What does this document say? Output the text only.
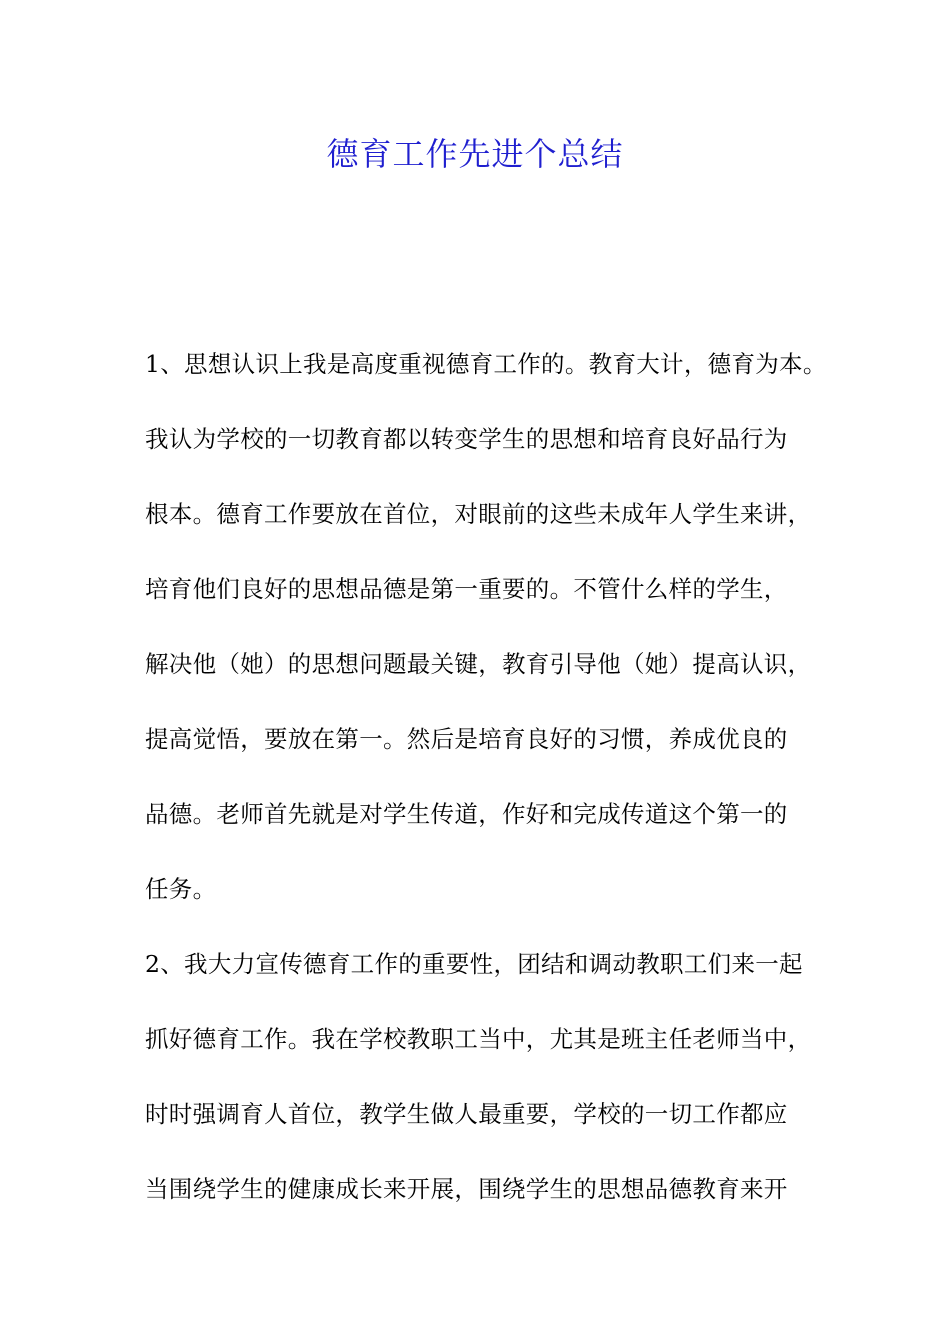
德育工作先进个总结

1、思想认识上我是高度重视德育工作的。教育大计，德育为本。

我认为学校的一切教育都以转变学生的思想和培育良好品行为

根本。德育工作要放在首位，对眼前的这些未成年人学生来讲，

培育他们良好的思想品德是第一重要的。不管什么样的学生，

解决他（她）的思想问题最关键，教育引导他（她）提高认识，

提高觉悟，要放在第一。然后是培育良好的习惯，养成优良的

品德。老师首先就是对学生传道，作好和完成传道这个第一的

任务。

2、我大力宣传德育工作的重要性，团结和调动教职工们来一起

抓好德育工作。我在学校教职工当中，尤其是班主任老师当中，

时时强调育人首位，教学生做人最重要，学校的一切工作都应

当围绕学生的健康成长来开展，围绕学生的思想品德教育来开
